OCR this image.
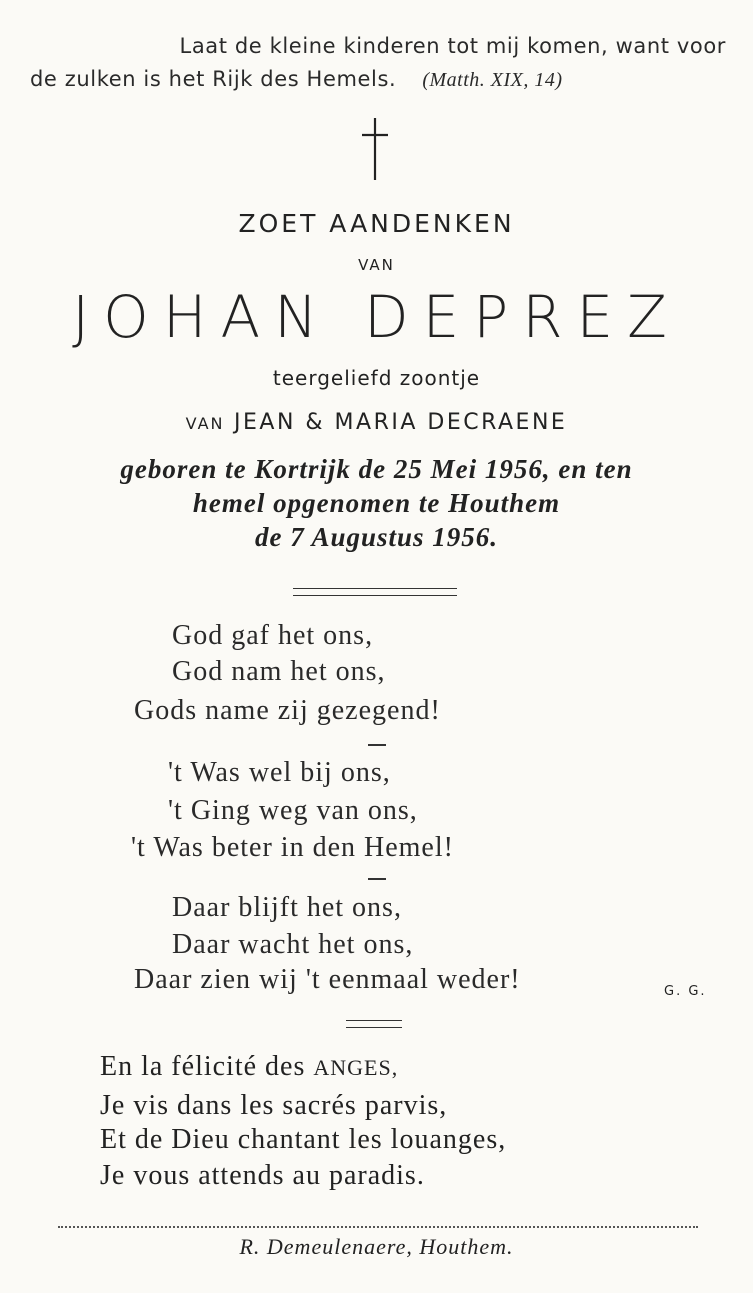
Laat de kleine kinderen tot mij komen, want voor
de zulken is het Rijk des Hemels. (Matth. XIX, 14)
ZOET AANDENKEN
VAN
JOHAN DEPREZ
teergeliefd zoontje
VAN JEAN & MARIA DECRAENE
geboren te Kortrijk de 25 Mei 1956, en ten
hemel opgenomen te Houthem
de 7 Augustus 1956.
God gaf het ons,
God nam het ons,
Gods name zij gezegend!
't Was wel bij ons,
't Ging weg van ons,
't Was beter in den Hemel!
Daar blijft het ons,
Daar wacht het ons,
Daar zien wij 't eenmaal weder!	G. G.
En la félicité des ANGES,
Je vis dans les sacrés parvis,
Et de Dieu chantant les louanges,
Je vous attends au paradis.
R. Demeulenaere, Houthem.
